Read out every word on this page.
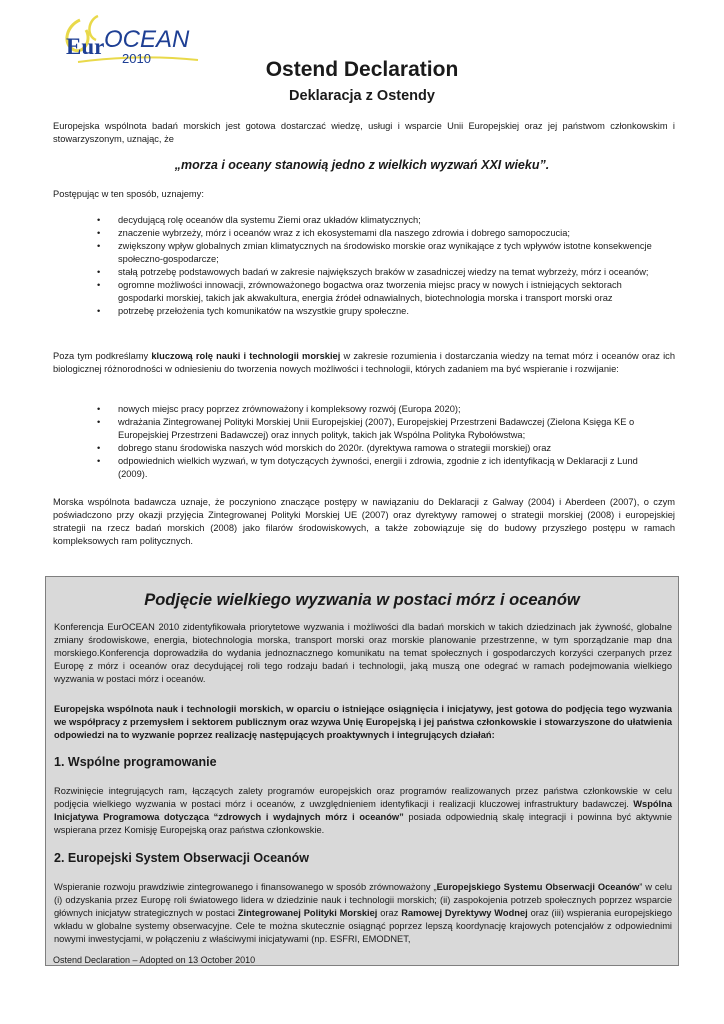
Eur OCEAN
2010	Ostend Declaration
Deklaracja z Ostendy
Europejska wspólnota badań morskich jest gotowa dostarczać wiedzę, usługi i wsparcie Unii Europejskiej oraz jej państwom członkowskim i stowarzyszonym, uznając, że
„morza i oceany stanowią jedno z wielkich wyzwań XXI wieku”.
Postępując w ten sposób, uznajemy:
• decydującą rolę oceanów dla systemu Ziemi oraz układów klimatycznych;
• znaczenie wybrzeży, mórz i oceanów wraz z ich ekosystemami dla naszego zdrowia i dobrego samopoczucia;
• zwiększony wpływ globalnych zmian klimatycznych na środowisko morskie oraz wynikające z tych wpływów istotne konsekwencje społeczno-gospodarcze;
• stałą potrzebę podstawowych badań w zakresie największych braków w zasadniczej wiedzy na temat wybrzeży, mórz i oceanów;
• ogromne możliwości innowacji, zrównoważonego bogactwa oraz tworzenia miejsc pracy w nowych i istniejących sektorach gospodarki morskiej, takich jak akwakultura, energia źródeł odnawialnych, biotechnologia morska i transport morski oraz
• potrzebę przełożenia tych komunikatów na wszystkie grupy społeczne.
Poza tym podkreślamy kluczową rolę nauki i technologii morskiej w zakresie rozumienia i dostarczania wiedzy na temat mórz i oceanów oraz ich biologicznej różnorodności w odniesieniu do tworzenia nowych możliwości i technologii, których zadaniem ma być wspieranie i rozwijanie:
• nowych miejsc pracy poprzez zrównoważony i kompleksowy rozwój (Europa 2020);
• wdrażania Zintegrowanej Polityki Morskiej Unii Europejskiej (2007), Europejskiej Przestrzeni Badawczej (Zielona Księga KE o Europejskiej Przestrzeni Badawczej) oraz innych polityk, takich jak Wspólna Polityka Rybołówstwa;
• dobrego stanu środowiska naszych wód morskich do 2020r. (dyrektywa ramowa o strategii morskiej) oraz
• odpowiednich wielkich wyzwań, w tym dotyczących żywności, energii i zdrowia, zgodnie z ich identyfikacją w Deklaracji z Lund (2009).
Morska wspólnota badawcza uznaje, że poczyniono znaczące postępy w nawiązaniu do Deklaracji z Galway (2004) i Aberdeen (2007), o czym poświadczono przy okazji przyjęcia Zintegrowanej Polityki Morskiej UE (2007) oraz dyrektywy ramowej o strategii morskiej (2008) i europejskiej strategii na rzecz badań morskich (2008) jako filarów środowiskowych, a także zobowiązuje się do budowy przyszłego postępu w ramach kompleksowych ram politycznych.
Podjęcie wielkiego wyzwania w postaci mórz i oceanów
Konferencja EurOCEAN 2010 zidentyfikowała priorytetowe wyzwania i możliwości dla badań morskich w takich dziedzinach jak żywność, globalne zmiany środowiskowe, energia, biotechnologia morska, transport morski oraz morskie planowanie przestrzenne, w tym sporządzanie map dna morskiego.Konferencja doprowadziła do wydania jednoznacznego komunikatu na temat społecznych i gospodarczych korzyści czerpanych przez Europę z mórz i oceanów oraz decydującej roli tego rodzaju badań i technologii, jaką muszą one odegrać w ramach podejmowania wielkiego wyzwania w postaci mórz i oceanów.
Europejska wspólnota nauk i technologii morskich, w oparciu o istniejące osiągnięcia i inicjatywy, jest gotowa do podjęcia tego wyzwania we współpracy z przemysłem i sektorem publicznym oraz wzywa Unię Europejską i jej państwa członkowskie i stowarzyszone do ułatwienia odpowiedzi na to wyzwanie poprzez realizację następujących proaktywnych i integrujących działań:
1. Wspólne programowanie
Rozwinięcie integrujących ram, łączących zalety programów europejskich oraz programów realizowanych przez państwa członkowskie w celu podjęcia wielkiego wyzwania w postaci mórz i oceanów, z uwzględnieniem identyfikacji i realizacji kluczowej infrastruktury badawczej. Wspólna Inicjatywa Programowa dotycząca “zdrowych i wydajnych mórz i oceanów” posiada odpowiednią skalę integracji i powinna być aktywnie wspierana przez Komisję Europejską oraz państwa członkowskie.
2. Europejski System Obserwacji Oceanów
Wspieranie rozwoju prawdziwie zintegrowanego i finansowanego w sposób zrównoważony „Europejskiego Systemu Obserwacji Oceanów” w celu (i) odzyskania przez Europę roli światowego lidera w dziedzinie nauk i technologii morskich; (ii) zaspokojenia potrzeb społecznych poprzez wsparcie głównych inicjatyw strategicznych w postaci Zintegrowanej Polityki Morskiej oraz Ramowej Dyrektywy Wodnej oraz (iii) wspierania europejskiego wkładu w globalne systemy obserwacyjne. Cele te można skutecznie osiągnąć poprzez lepszą koordynację krajowych potencjałów z odpowiednimi nowymi inwestycjami, w połączeniu z właściwymi inicjatywami (np. ESFRI, EMODNET,
Ostend Declaration – Adopted on 13 October 2010
